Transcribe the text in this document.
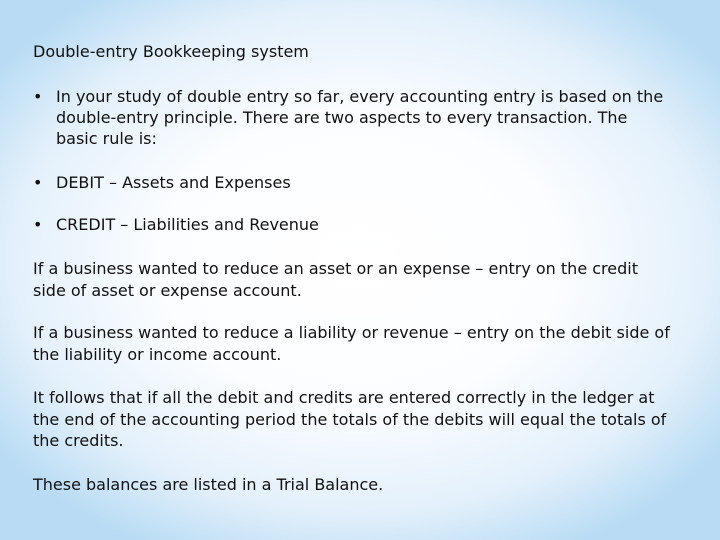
Double-entry Bookkeeping system
• In your study of double entry so far, every accounting entry is based on the double-entry principle. There are two aspects to every transaction. The basic rule is:
• DEBIT – Assets and Expenses
• CREDIT – Liabilities and Revenue

If a business wanted to reduce an asset or an expense – entry on the credit side of asset or expense account.

If a business wanted to reduce a liability or revenue – entry on the debit side of the liability or income account.

It follows that if all the debit and credits are entered correctly in the ledger at the end of the accounting period the totals of the debits will equal the totals of the credits.

These balances are listed in a Trial Balance.
